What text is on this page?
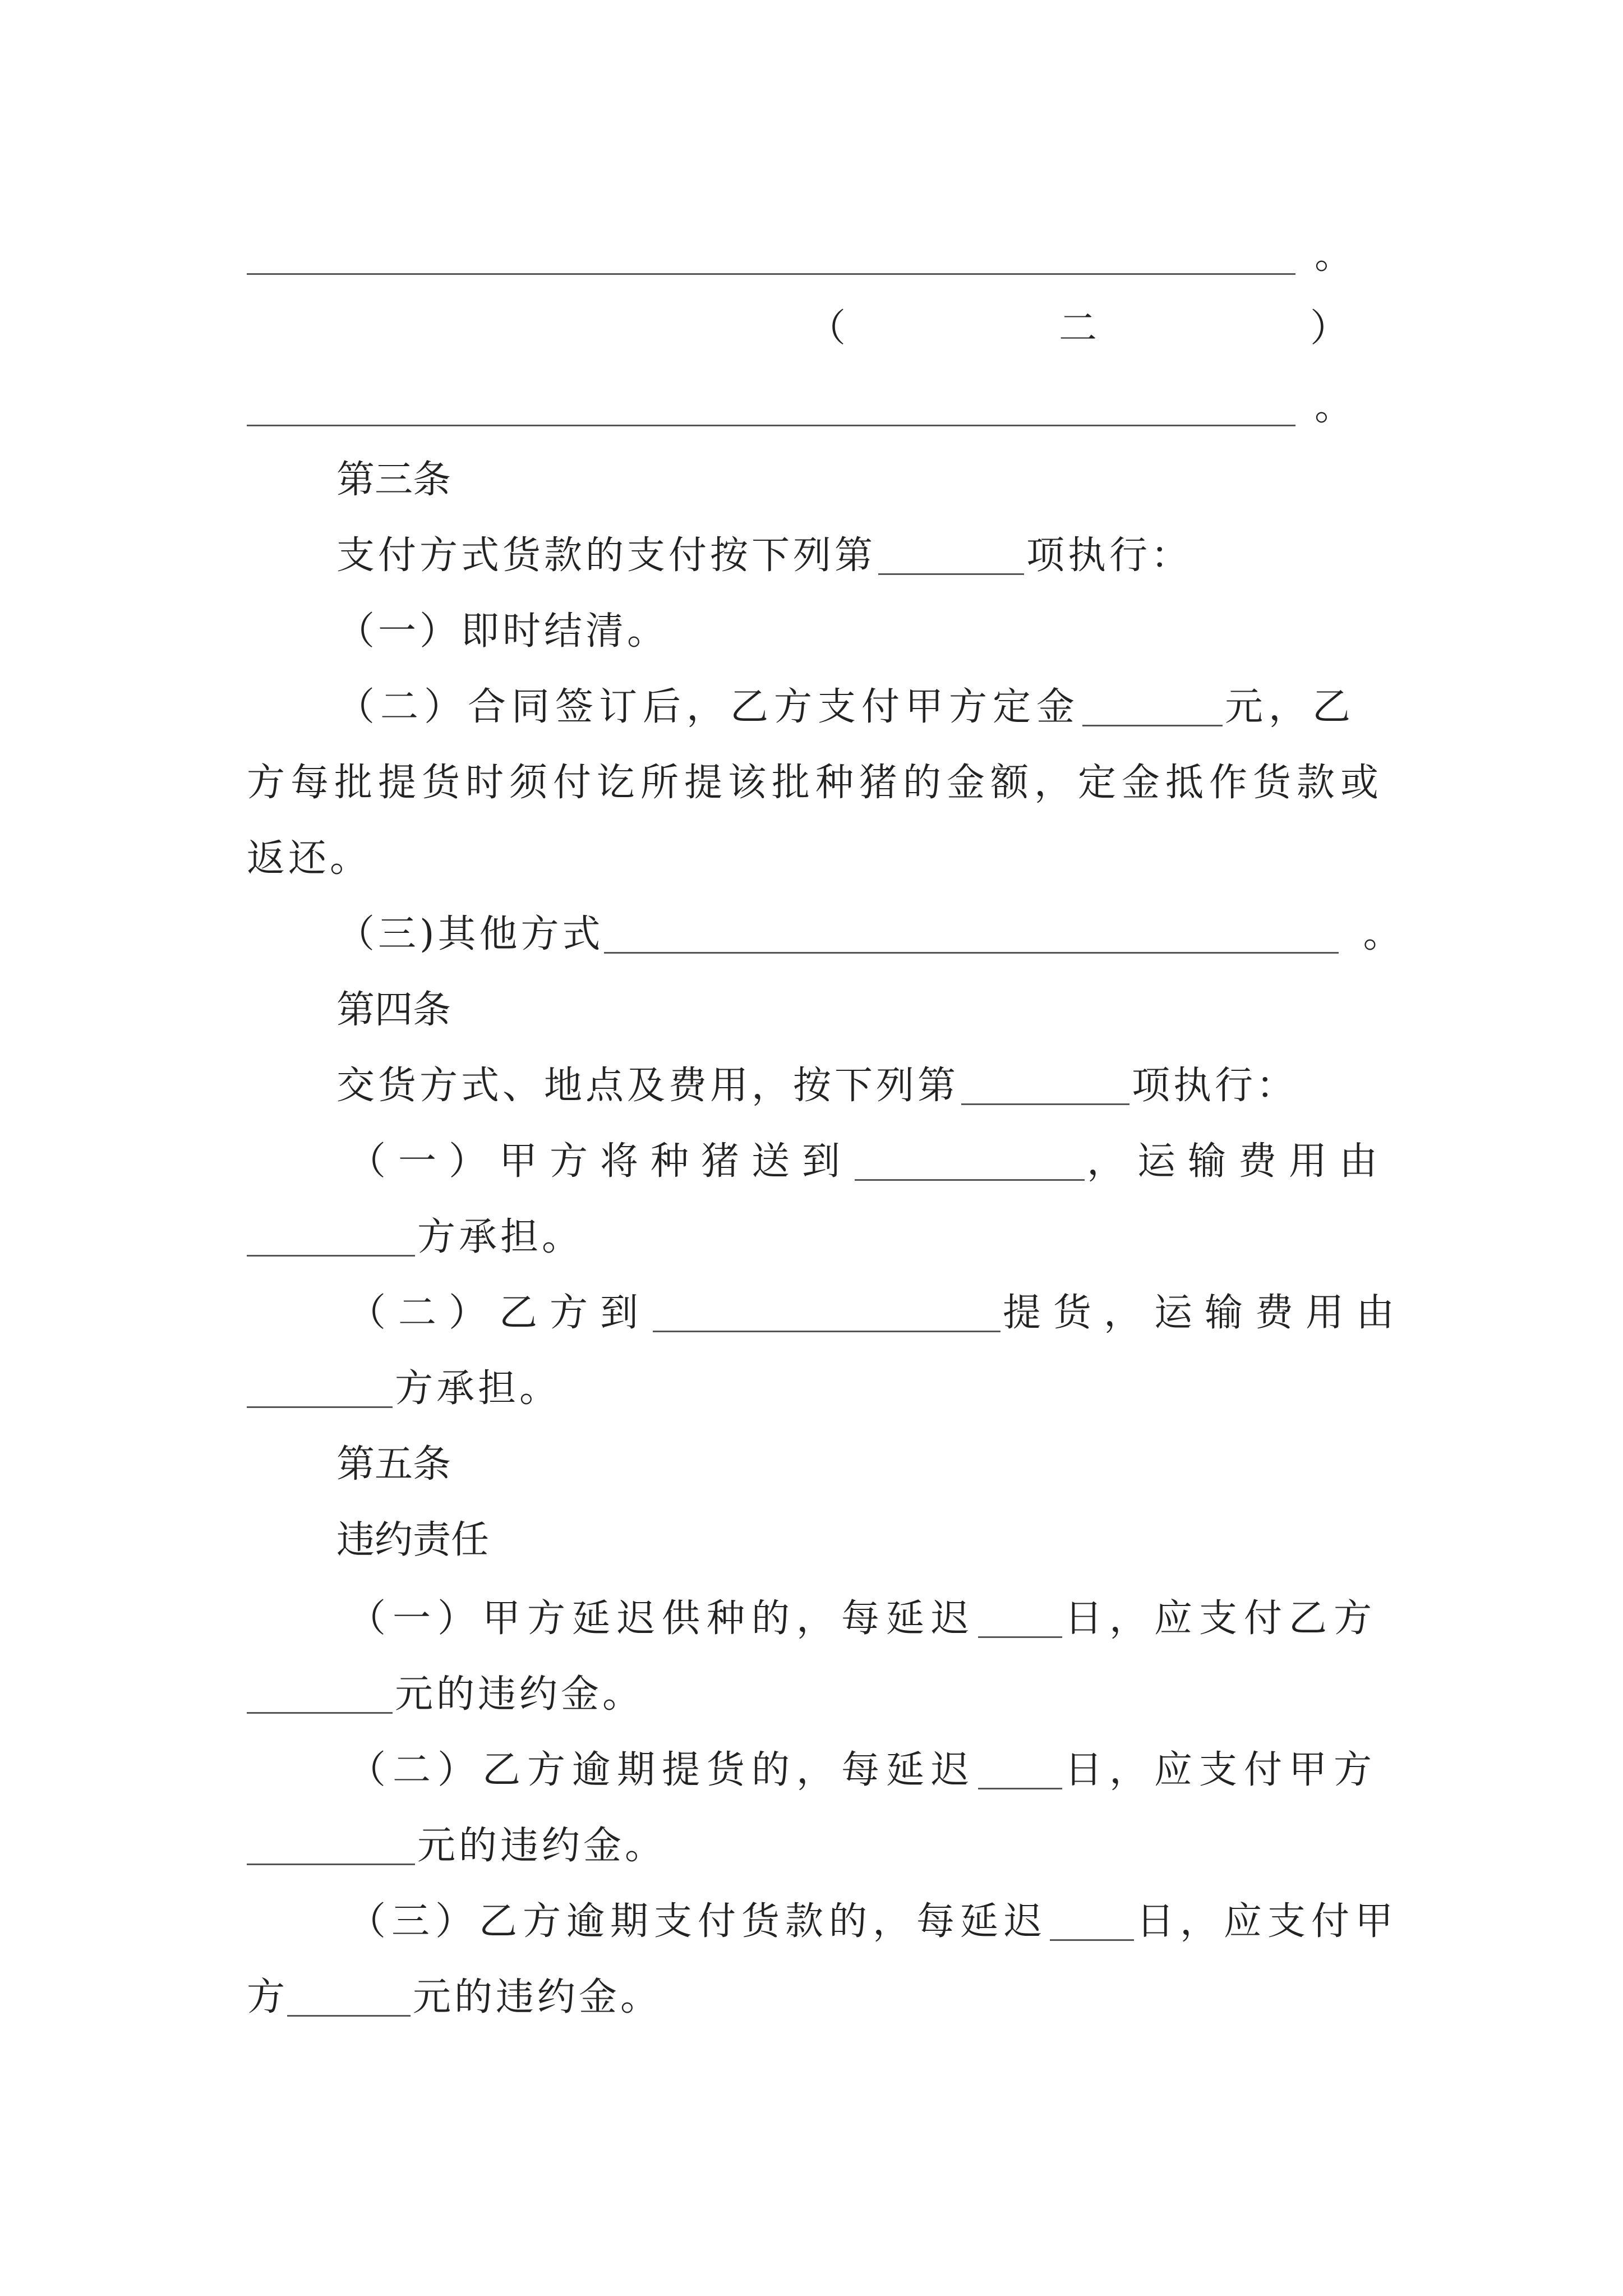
。
（	二	）
。
第三条
支付方式货款的支付按下列第	项执行：
（一）即时结清。
（二）合同签订后，乙方支付甲方定金	元，乙
方每批提货时须付讫所提该批种猪的金额，定金抵作货款或
返还。
（三)其他方式	。
第四条
交货方式、地点及费用，按下列第	项执行：
（一）甲方将种猪送到	，运输费用由
方承担。
（二）乙方到	提货，运输费用由
方承担。
第五条
违约责任
（一）甲方延迟供种的，每延迟 日，应支付乙方
元的违约金。
（二）乙方逾期提货的，每延迟 日，应支付甲方
元的违约金。
（三）乙方逾期支付货款的，每延迟 日，应支付甲
方	元的违约金。
